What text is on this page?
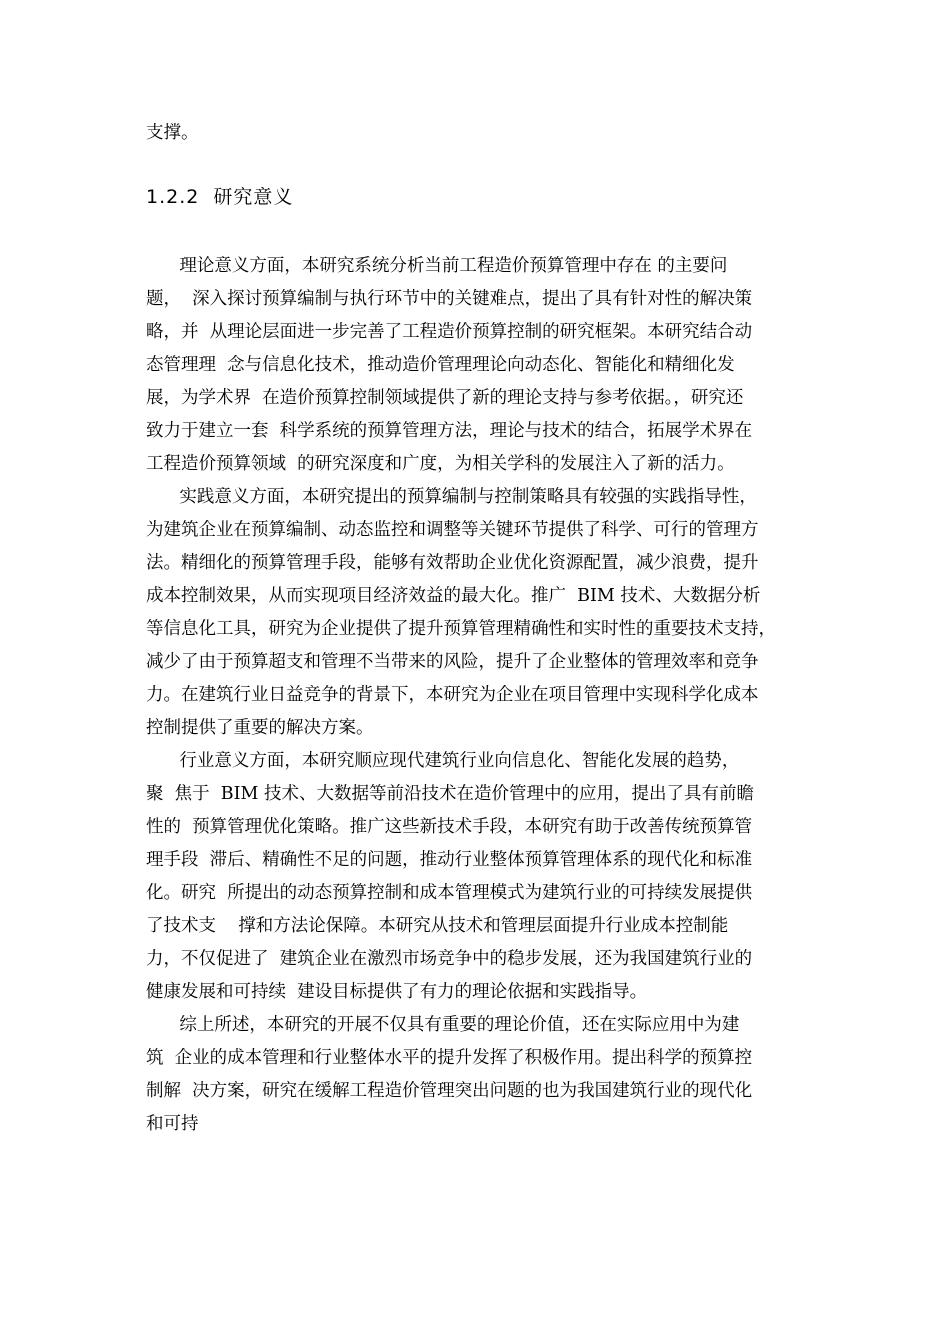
支撑。
1.2.2  研究意义
理论意义方面，本研究系统分析当前工程造价预算管理中存在 的主要问
题，  深入探讨预算编制与执行环节中的关键难点，提出了具有针对性的解决策
略，并  从理论层面进一步完善了工程造价预算控制的研究框架。本研究结合动
态管理理  念与信息化技术，推动造价管理理论向动态化、智能化和精细化发
展，为学术界  在造价预算控制领域提供了新的理论支持与参考依据。，研究还
致力于建立一套  科学系统的预算管理方法，理论与技术的结合，拓展学术界在
工程造价预算领域  的研究深度和广度，为相关学科的发展注入了新的活力。
实践意义方面，本研究提出的预算编制与控制策略具有较强的实践指导性，
为建筑企业在预算编制、动态监控和调整等关键环节提供了科学、可行的管理方
法。精细化的预算管理手段，能够有效帮助企业优化资源配置，减少浪费，提升
成本控制效果，从而实现项目经济效益的最大化。推广  BIM 技术、大数据分析
等信息化工具，研究为企业提供了提升预算管理精确性和实时性的重要技术支持，
减少了由于预算超支和管理不当带来的风险，提升了企业整体的管理效率和竞争
力。在建筑行业日益竞争的背景下，本研究为企业在项目管理中实现科学化成本
控制提供了重要的解决方案。
行业意义方面，本研究顺应现代建筑行业向信息化、智能化发展的趋势，
聚  焦于  BIM 技术、大数据等前沿技术在造价管理中的应用，提出了具有前瞻
性的  预算管理优化策略。推广这些新技术手段，本研究有助于改善传统预算管
理手段  滞后、精确性不足的问题，推动行业整体预算管理体系的现代化和标准
化。研究  所提出的动态预算控制和成本管理模式为建筑行业的可持续发展提供
了技术支    撑和方法论保障。本研究从技术和管理层面提升行业成本控制能
力，不仅促进了  建筑企业在激烈市场竞争中的稳步发展，还为我国建筑行业的
健康发展和可持续  建设目标提供了有力的理论依据和实践指导。
综上所述，本研究的开展不仅具有重要的理论价值，还在实际应用中为建
筑  企业的成本管理和行业整体水平的提升发挥了积极作用。提出科学的预算控
制解  决方案，研究在缓解工程造价管理突出问题的也为我国建筑行业的现代化
和可持
